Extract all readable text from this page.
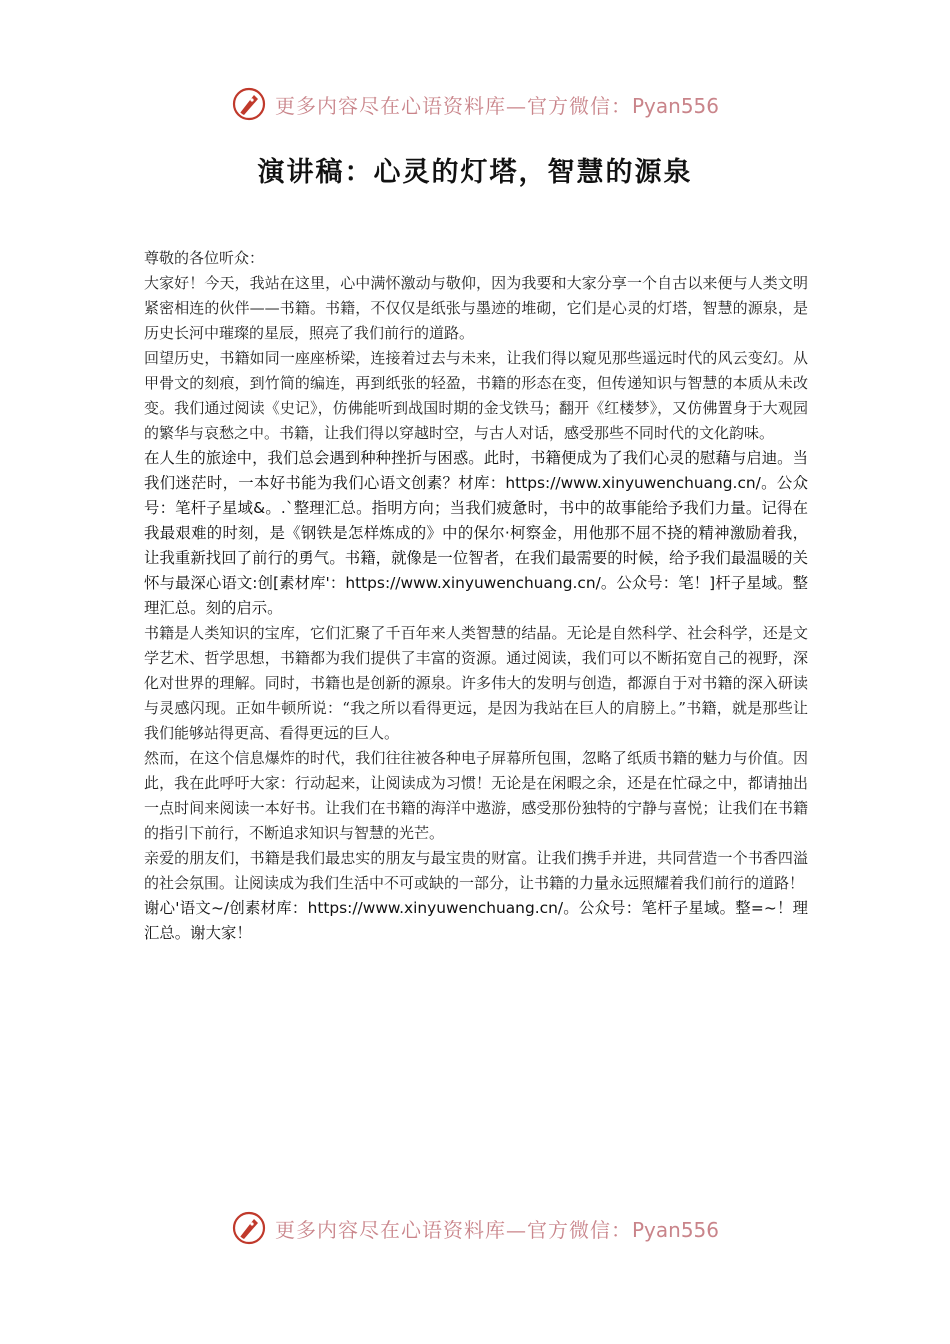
更多内容尽在心语资料库—官方微信：Pyan556
演讲稿：心灵的灯塔，智慧的源泉

尊敬的各位听众：

大家好！今天，我站在这里，心中满怀激动与敬仰，因为我要和大家分享一个自古以来便与人类文明紧密相连的伙伴——书籍。书籍，不仅仅是纸张与墨迹的堆砌，它们是心灵的灯塔，智慧的源泉，是历史长河中璀璨的星辰，照亮了我们前行的道路。

回望历史，书籍如同一座座桥梁，连接着过去与未来，让我们得以窥见那些遥远时代的风云变幻。从甲骨文的刻痕，到竹简的编连，再到纸张的轻盈，书籍的形态在变，但传递知识与智慧的本质从未改变。我们通过阅读《史记》，仿佛能听到战国时期的金戈铁马；翻开《红楼梦》，又仿佛置身于大观园的繁华与哀愁之中。书籍，让我们得以穿越时空，与古人对话，感受那些不同时代的文化韵味。

在人生的旅途中，我们总会遇到种种挫折与困惑。此时，书籍便成为了我们心灵的慰藉与启迪。当我们迷茫时，一本好书能为我们心语文创素？材库：https://www.xinyuwenchuang.cn/。公众号：笔杆子星域&。.`整理汇总。指明方向；当我们疲惫时，书中的故事能给予我们力量。记得在我最艰难的时刻，是《钢铁是怎样炼成的》中的保尔·柯察金，用他那不屈不挠的精神激励着我，让我重新找回了前行的勇气。书籍，就像是一位智者，在我们最需要的时候，给予我们最温暖的关怀与最深心语文:创[素材库'：https://www.xinyuwenchuang.cn/。公众号：笔！]杆子星域。整理汇总。刻的启示。

书籍是人类知识的宝库，它们汇聚了千百年来人类智慧的结晶。无论是自然科学、社会科学，还是文学艺术、哲学思想，书籍都为我们提供了丰富的资源。通过阅读，我们可以不断拓宽自己的视野，深化对世界的理解。同时，书籍也是创新的源泉。许多伟大的发明与创造，都源自于对书籍的深入研读与灵感闪现。正如牛顿所说：“我之所以看得更远，是因为我站在巨人的肩膀上。”书籍，就是那些让我们能够站得更高、看得更远的巨人。

然而，在这个信息爆炸的时代，我们往往被各种电子屏幕所包围，忽略了纸质书籍的魅力与价值。因此，我在此呼吁大家：行动起来，让阅读成为习惯！无论是在闲暇之余，还是在忙碌之中，都请抽出一点时间来阅读一本好书。让我们在书籍的海洋中遨游，感受那份独特的宁静与喜悦；让我们在书籍的指引下前行，不断追求知识与智慧的光芒。

亲爱的朋友们，书籍是我们最忠实的朋友与最宝贵的财富。让我们携手并进，共同营造一个书香四溢的社会氛围。让阅读成为我们生活中不可或缺的一部分，让书籍的力量永远照耀着我们前行的道路！

谢心'语文~/创素材库：https://www.xinyuwenchuang.cn/。公众号：笔杆子星域。整=~！理汇总。谢大家！

更多内容尽在心语资料库—官方微信：Pyan556
